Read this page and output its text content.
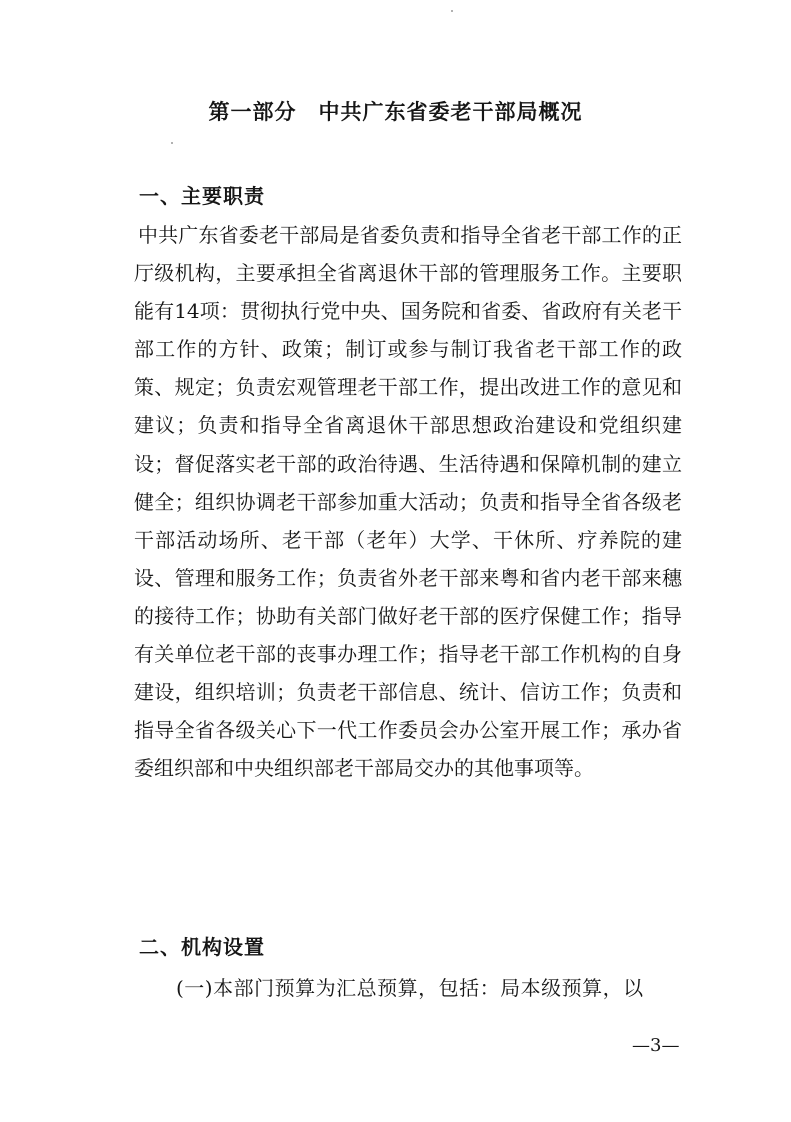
第一部分　中共广东省委老干部局概况
一、主要职责

中共广东省委老干部局是省委负责和指导全省老干部工作的正厅级机构，主要承担全省离退休干部的管理服务工作。主要职能有14项：贯彻执行党中央、国务院和省委、省政府有关老干部工作的方针、政策；制订或参与制订我省老干部工作的政策、规定；负责宏观管理老干部工作，提出改进工作的意见和建议；负责和指导全省离退休干部思想政治建设和党组织建设；督促落实老干部的政治待遇、生活待遇和保障机制的建立健全；组织协调老干部参加重大活动；负责和指导全省各级老干部活动场所、老干部（老年）大学、干休所、疗养院的建设、管理和服务工作；负责省外老干部来粤和省内老干部来穗的接待工作；协助有关部门做好老干部的医疗保健工作；指导有关单位老干部的丧事办理工作；指导老干部工作机构的自身建设，组织培训；负责老干部信息、统计、信访工作；负责和指导全省各级关心下一代工作委员会办公室开展工作；承办省委组织部和中央组织部老干部局交办的其他事项等。

二、机构设置
(一)本部门预算为汇总预算，包括：局本级预算，以
—3—
